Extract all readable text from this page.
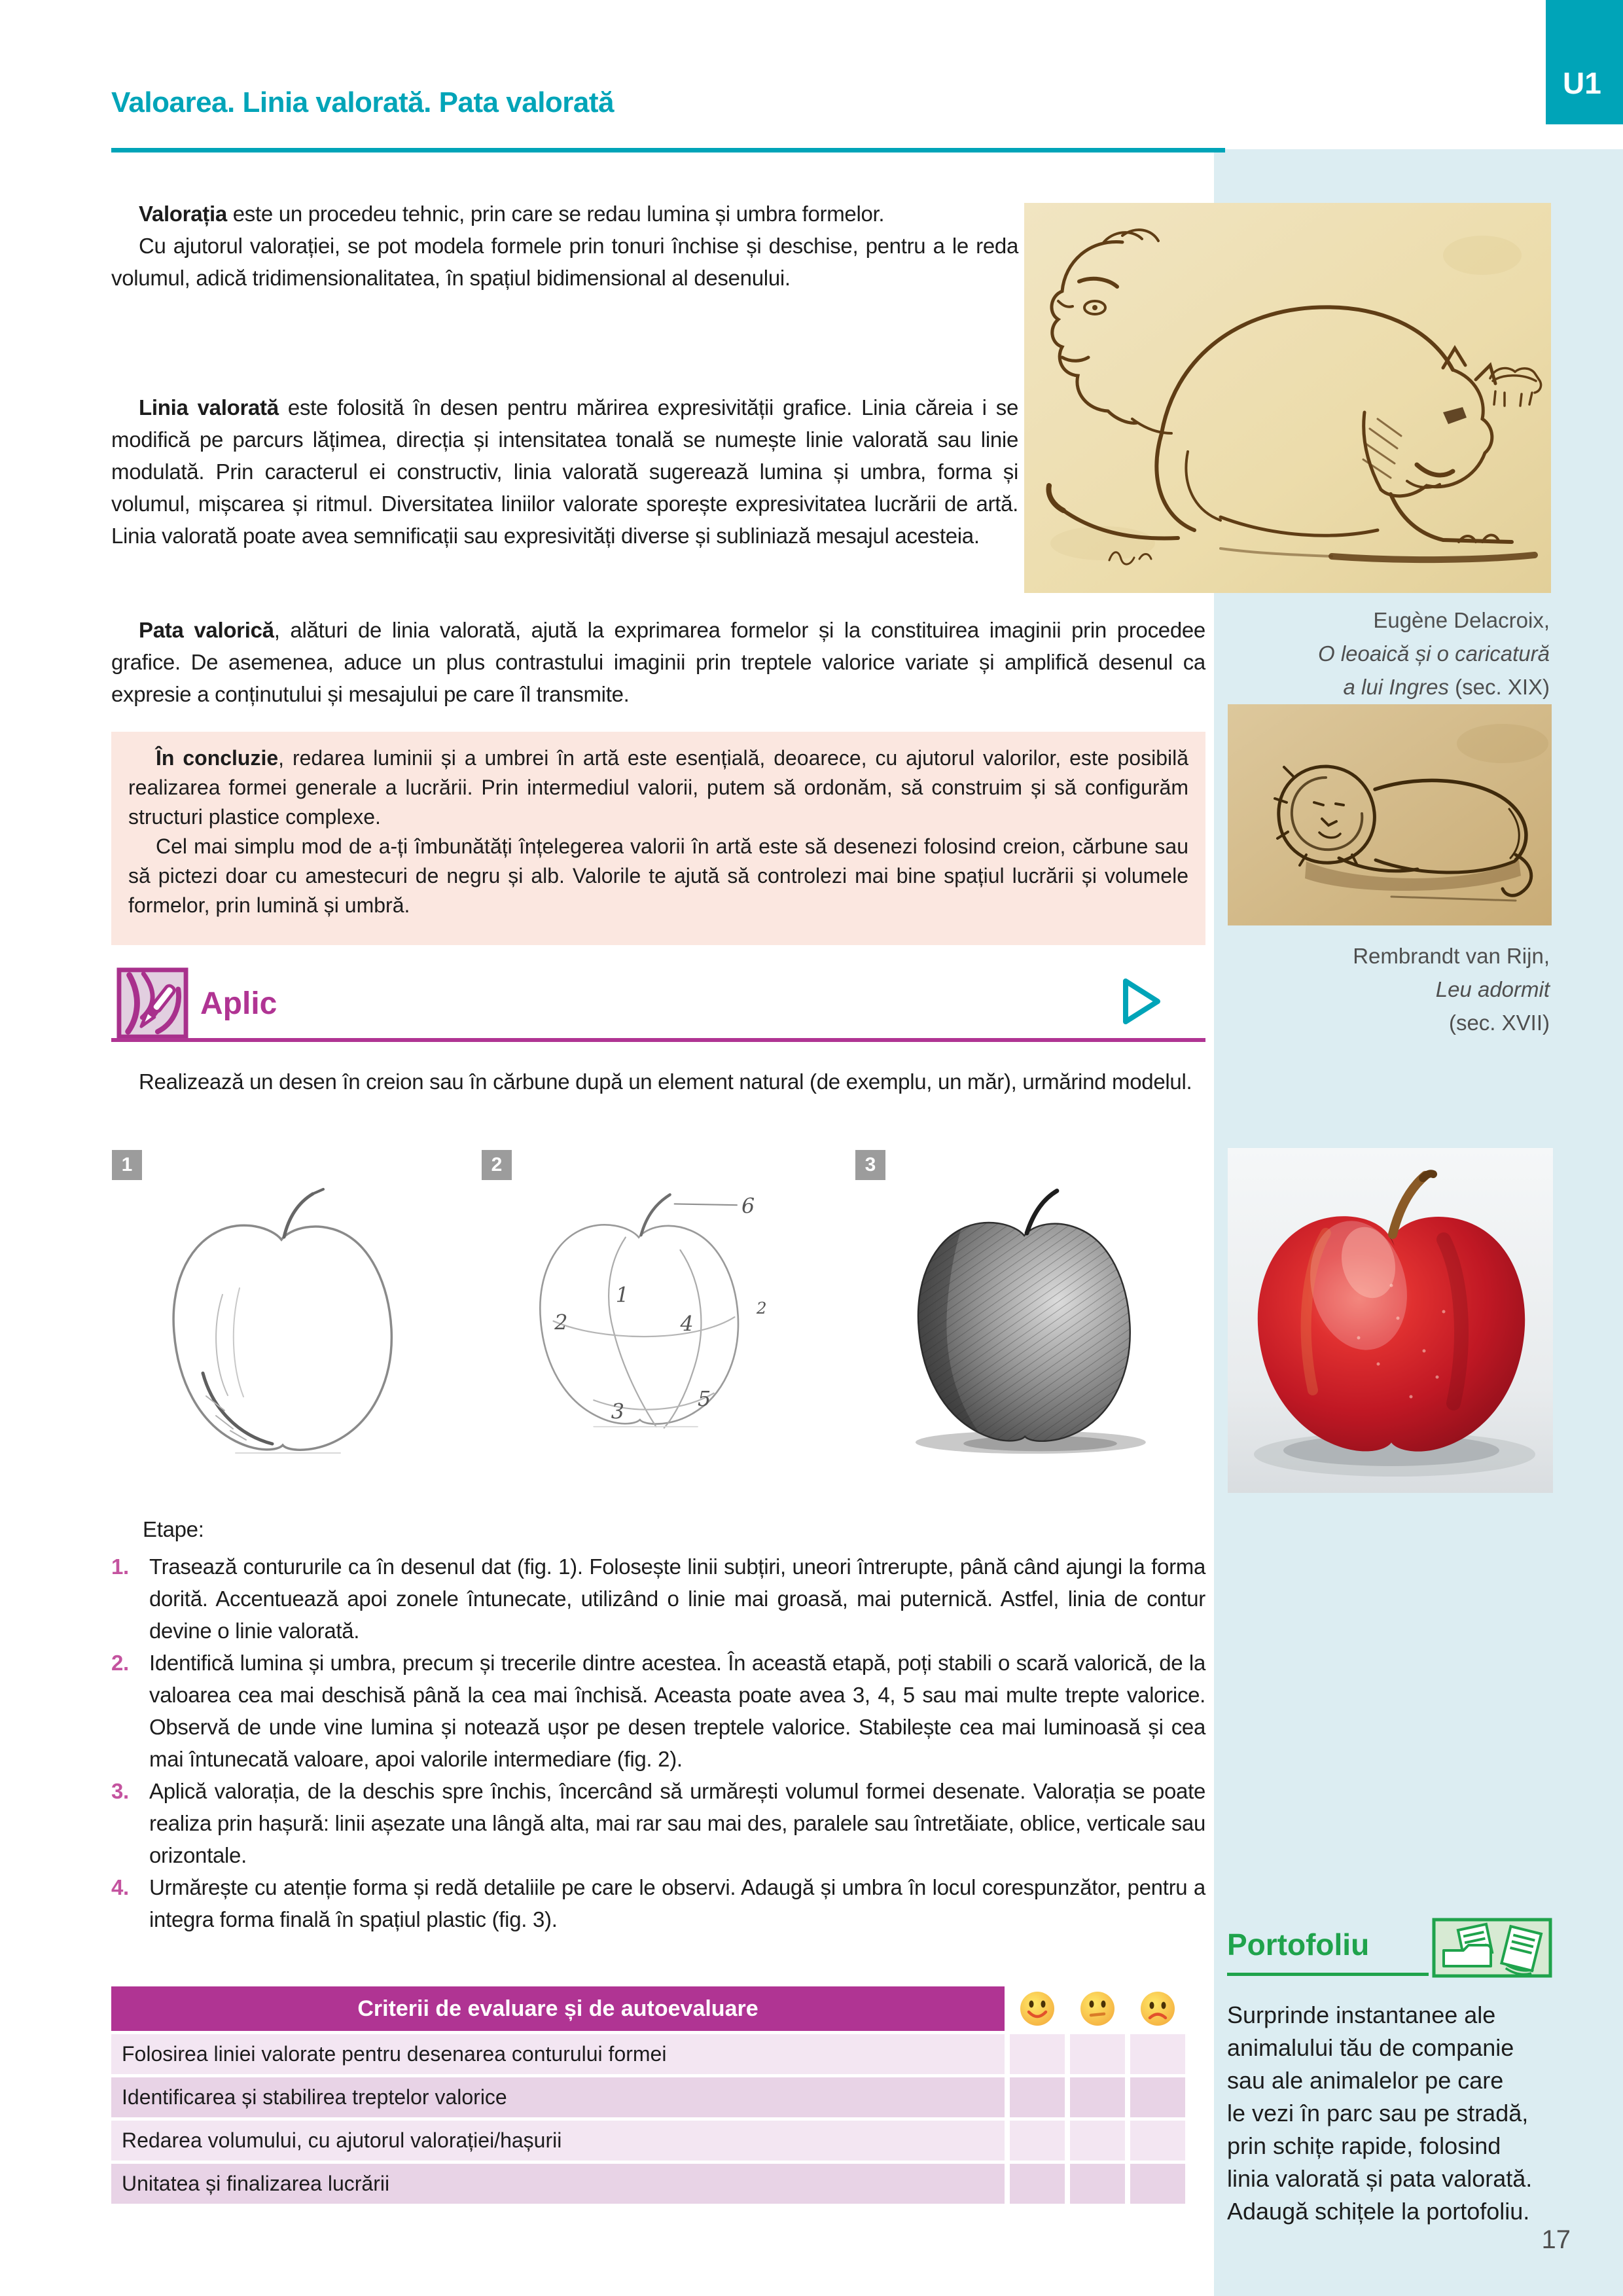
U1
Valoarea. Linia valorată. Pata valorată
Eugène Delacroix,
O leoaică și o caricatură
a lui Ingres (sec. XIX)
Rembrandt van Rijn,
Leu adormit
(sec. XVII)
Valorația este un procedeu tehnic, prin care se redau lumina și umbra formelor.
Cu ajutorul valorației, se pot modela formele prin tonuri închise și deschise, pentru a le reda volumul, adică tridimensionalitatea, în spațiul bidimensional al desenului.
Linia valorată este folosită în desen pentru mărirea expresivității grafice. Linia căreia i se modifică pe parcurs lățimea, direcția și intensitatea tonală se numește linie valorată sau linie modulată. Prin caracterul ei constructiv, linia valorată sugerează lumina și umbra, forma și volumul, mișcarea și ritmul. Diversitatea liniilor valorate sporește expresivitatea lucrării de artă. Linia valorată poate avea semnificații sau expresivități diverse și subliniază mesajul acesteia.
Pata valorică, alături de linia valorată, ajută la exprimarea formelor și la constituirea imaginii prin procedee grafice. De asemenea, aduce un plus contrastului imaginii prin treptele valorice variate și amplifică desenul ca expresie a conținutului și mesajului pe care îl transmite.
În concluzie, redarea luminii și a umbrei în artă este esențială, deoarece, cu ajutorul valorilor, este posibilă realizarea formei generale a lucrării. Prin intermediul valorii, putem să ordonăm, să construim și să configurăm structuri plastice complexe.
Cel mai simplu mod de a-ți îmbunătăți înțelegerea valorii în artă este să desenezi folosind creion, cărbune sau să pictezi doar cu amestecuri de negru și alb. Valorile te ajută să controlezi mai bine spațiul lucrării și volumele formelor, prin lumină și umbră.
Aplic
Realizează un desen în creion sau în cărbune după un element natural (de exemplu, un măr), urmărind modelul.
1	2	3
1
2	4
3
5
2
6
Etape:
1. Trasează contururile ca în desenul dat (fig. 1). Folosește linii subțiri, uneori întrerupte, până când ajungi la forma dorită. Accentuează apoi zonele întunecate, utilizând o linie mai groasă, mai puternică. Astfel, linia de contur devine o linie valorată.
2. Identifică lumina și umbra, precum și trecerile dintre acestea. În această etapă, poți stabili o scară valorică, de la valoarea cea mai deschisă până la cea mai închisă. Aceasta poate avea 3, 4, 5 sau mai multe trepte valorice. Observă de unde vine lumina și notează ușor pe desen treptele valorice. Stabilește cea mai luminoasă și cea mai întunecată valoare, apoi valorile intermediare (fig. 2).
3. Aplică valorația, de la deschis spre închis, încercând să urmărești volumul formei desenate. Valorația se poate realiza prin hașură: linii așezate una lângă alta, mai rar sau mai des, paralele sau întretăiate, oblice, verticale sau orizontale.
4. Urmărește cu atenție forma și redă detaliile pe care le observi. Adaugă și umbra în locul corespunzător, pentru a integra forma finală în spațiul plastic (fig. 3).
Criterii de evaluare și de autoevaluare
Folosirea liniei valorate pentru desenarea conturului formei
Identificarea și stabilirea treptelor valorice
Redarea volumului, cu ajutorul valorației/hașurii
Unitatea și finalizarea lucrării
Portofoliu
Surprinde instantanee ale
animalului tău de companie
sau ale animalelor pe care
le vezi în parc sau pe stradă,
prin schițe rapide, folosind
linia valorată și pata valorată.
Adaugă schițele la portofoliu.
17
